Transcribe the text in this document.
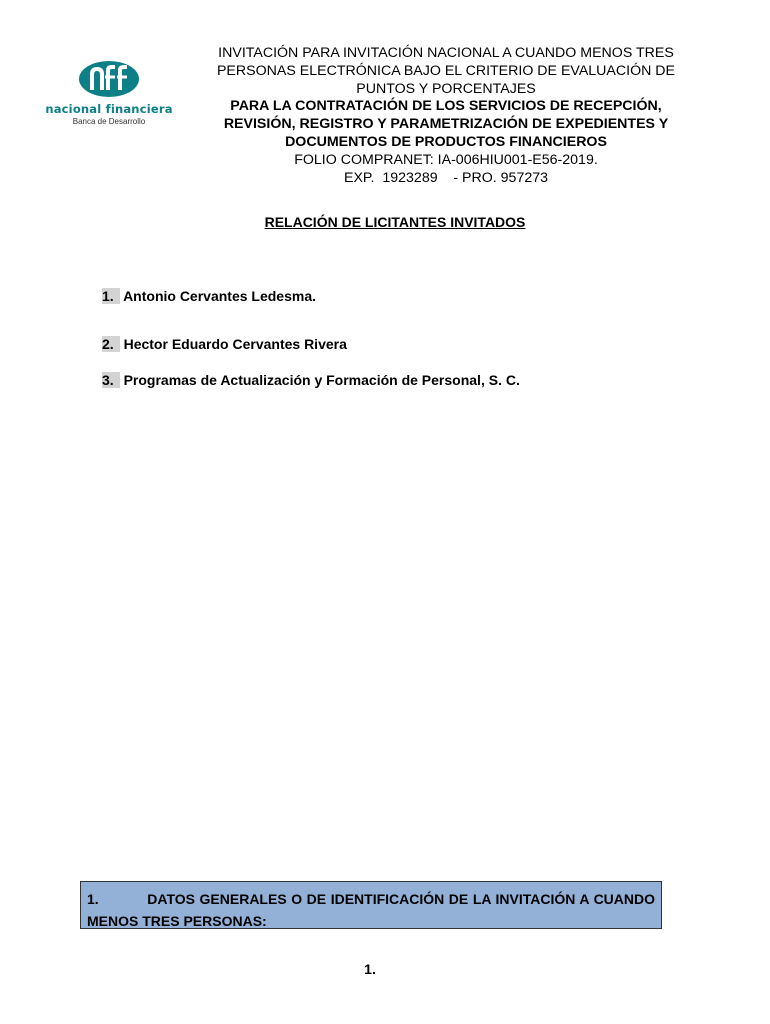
nacional financiera
Banca de Desarrollo
INVITACIÓN PARA INVITACIÓN NACIONAL A CUANDO MENOS TRES
PERSONAS ELECTRÓNICA BAJO EL CRITERIO DE EVALUACIÓN DE
PUNTOS Y PORCENTAJES
PARA LA CONTRATACIÓN DE LOS SERVICIOS DE RECEPCIÓN,
REVISIÓN, REGISTRO Y PARAMETRIZACIÓN DE EXPEDIENTES Y
DOCUMENTOS DE PRODUCTOS FINANCIEROS
FOLIO COMPRANET: IA-006HIU001-E56-2019.
EXP.  1923289    - PRO. 957273
RELACIÓN DE LICITANTES INVITADOS
1. Antonio Cervantes Ledesma.
2. Hector Eduardo Cervantes Rivera
3. Programas de Actualización y Formación de Personal, S. C.
1.	DATOS GENERALES O DE IDENTIFICACIÓN DE LA INVITACIÓN A CUANDO MENOS TRES PERSONAS:
1.
